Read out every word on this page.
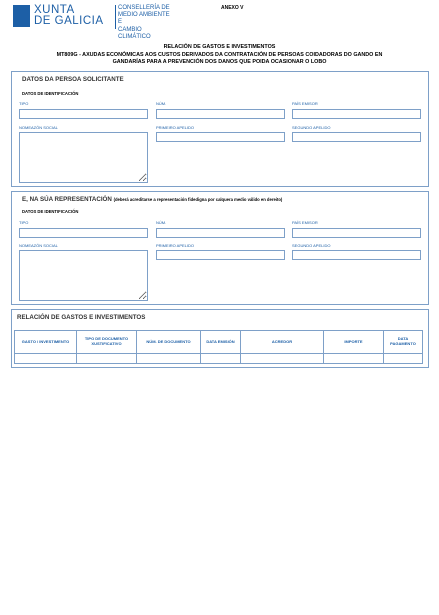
XUNTA
DE GALICIA
CONSELLERÍA DE
MEDIO AMBIENTE E
CAMBIO CLIMÁTICO
ANEXO V
RELACIÓN DE GASTOS E INVESTIMENTOS
MT809G - AXUDAS ECONÓMICAS AOS CUSTOS DERIVADOS DA CONTRATACIÓN DE PERSOAS COIDADORAS DO GANDO EN
GANDARÍAS PARA A PREVENCIÓN DOS DANOS QUE POIDA OCASIONAR O LOBO
DATOS DA PERSOA SOLICITANTE
DATOS DE IDENTIFICACIÓN
TIPO	NÚM.	PAÍS EMISOR
NOMEAZÓN SOCIAL	PRIMEIRO APELIDO	SEGUNDO APELIDO
E, NA SÚA REPRESENTACIÓN (deberá acreditarse a representación fidedigna por calquera medio válido en dereito)
DATOS DE IDENTIFICACIÓN
TIPO	NÚM.	PAÍS EMISOR
NOMEAZÓN SOCIAL	PRIMEIRO APELIDO	SEGUNDO APELIDO
RELACIÓN DE GASTOS E INVESTIMENTOS
GASTO / INVESTIMENTO	TIPO DE DOCUMENTO XUSTIFICATIVO	NÚM. DE DOCUMENTO	DATA EMISIÓN	ACREDOR	IMPORTE	DATA PAGAMENTO
